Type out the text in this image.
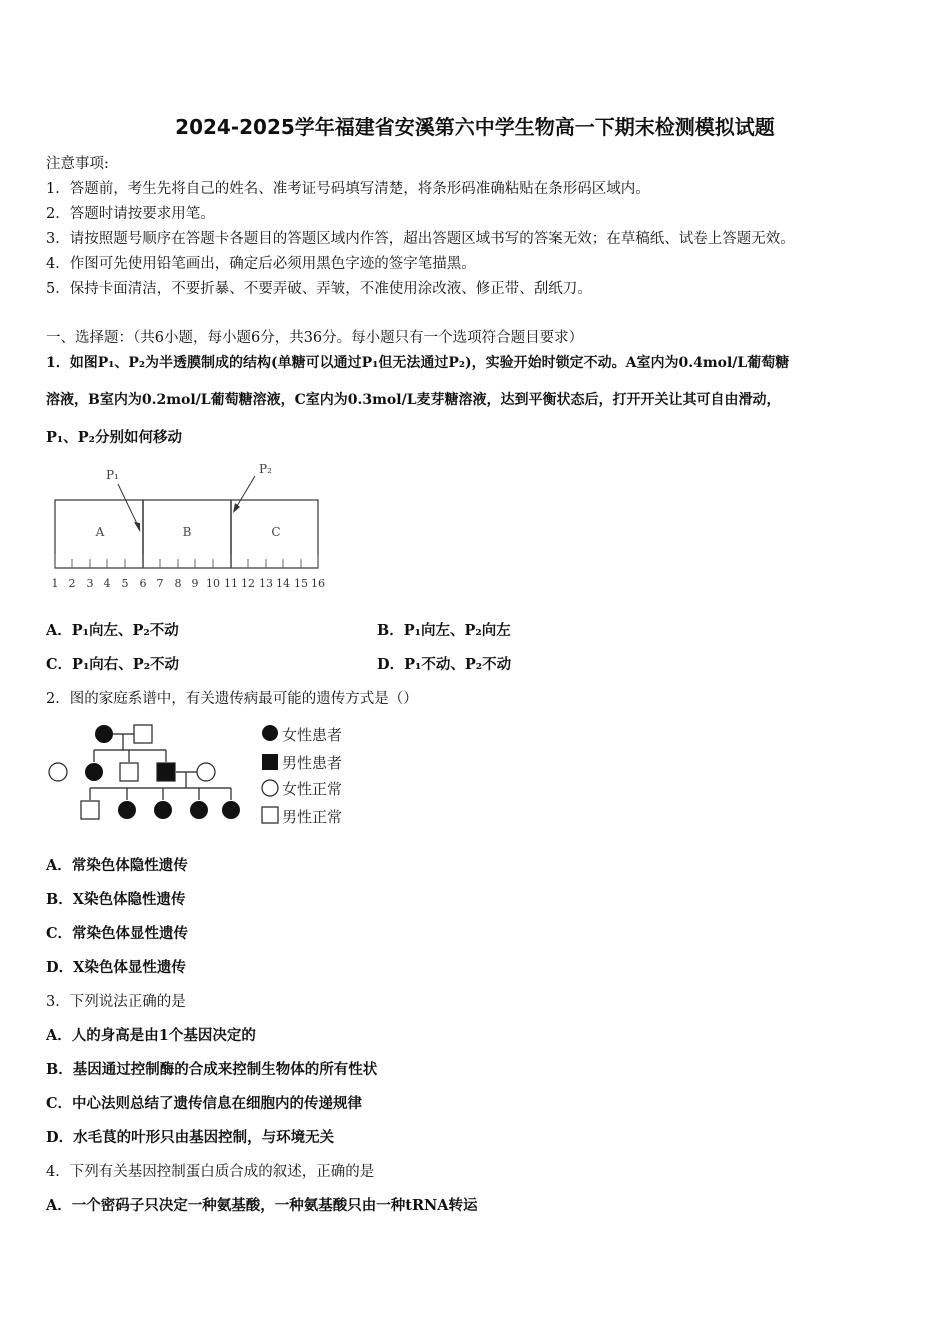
2024-2025学年福建省安溪第六中学生物高一下期末检测模拟试题
注意事项:
1．答题前，考生先将自己的姓名、准考证号码填写清楚，将条形码准确粘贴在条形码区域内。
2．答题时请按要求用笔。
3．请按照题号顺序在答题卡各题目的答题区域内作答，超出答题区域书写的答案无效；在草稿纸、试卷上答题无效。
4．作图可先使用铅笔画出，确定后必须用黑色字迹的签字笔描黑。
5．保持卡面清洁，不要折暴、不要弄破、弄皱，不准使用涂改液、修正带、刮纸刀。
一、选择题：（共6小题，每小题6分，共36分。每小题只有一个选项符合题目要求）
1．如图P₁、P₂为半透膜制成的结构(单糖可以通过P₁但无法通过P₂)，实验开始时锁定不动。A室内为0.4mol/L葡萄糖
溶液，B室内为0.2mol/L葡萄糖溶液，C室内为0.3mol/L麦芽糖溶液，达到平衡状态后，打开开关让其可自由滑动，
P₁、P₂分别如何移动
A	B	C
P₁	P₂
1 2 3 4 5 6 7 8 9 10 11 12 13 14 15 16
A．P₁向左、P₂不动	B．P₁向左、P₂向左
C．P₁向右、P₂不动	D．P₁不动、P₂不动
2．图的家庭系谱中，有关遗传病最可能的遗传方式是（）
女性患者
男性患者
女性正常
男性正常
A．常染色体隐性遗传
B．X染色体隐性遗传
C．常染色体显性遗传
D．X染色体显性遗传
3．下列说法正确的是
A．人的身高是由1个基因决定的
B．基因通过控制酶的合成来控制生物体的所有性状
C．中心法则总结了遗传信息在细胞内的传递规律
D．水毛茛的叶形只由基因控制，与环境无关
4．下列有关基因控制蛋白质合成的叙述，正确的是
A．一个密码子只决定一种氨基酸，一种氨基酸只由一种tRNA转运
